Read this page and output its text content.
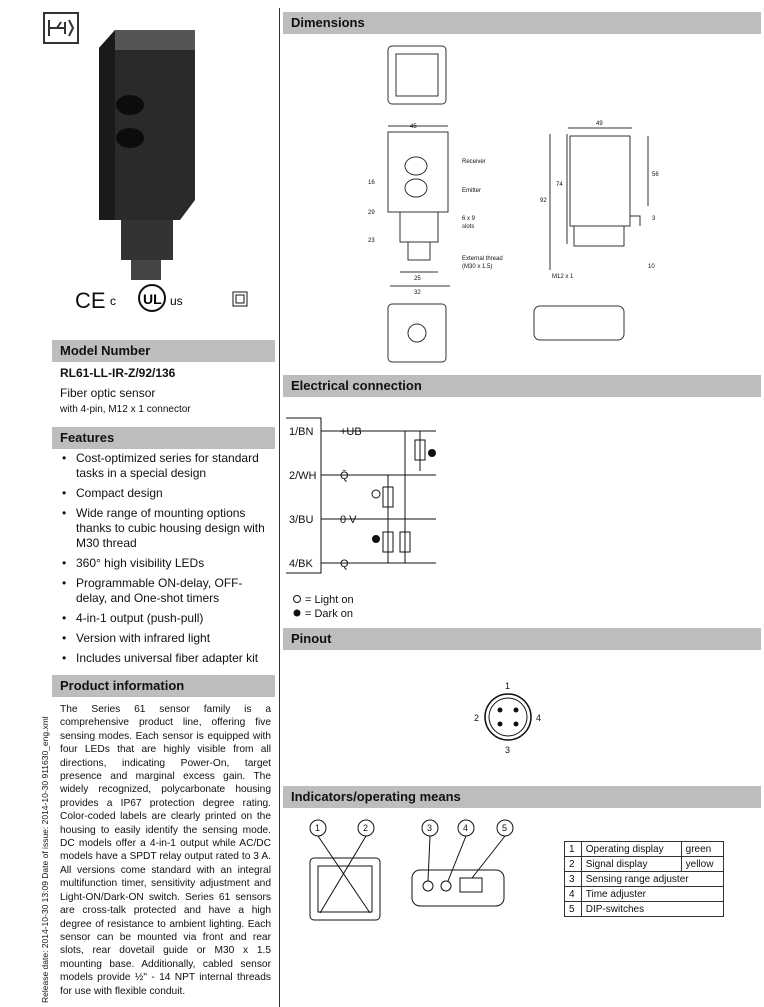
CE c UL us
Model Number
RL61-LL-IR-Z/92/136
Fiber optic sensor
with 4-pin, M12 x 1 connector
Features
• Cost-optimized series for standard tasks in a special design
• Compact design
• Wide range of mounting options thanks to cubic housing design with M30 thread
• 360° high visibility LEDs
• Programmable ON-delay, OFF-delay, and One-shot timers
• 4-in-1 output (push-pull)
• Version with infrared light
• Includes universal fiber adapter kit
Product information
The Series 61 sensor family is a comprehensive product line, offering five sensing modes. Each sensor is equipped with four LEDs that are highly visible from all directions, indicating Power-On, target presence and marginal excess gain. The widely recognized, polycarbonate housing provides a IP67 protection degree rating. Color-coded labels are clearly printed on the housing to easily identify the sensing mode. DC models offer a 4-in-1 output while AC/DC models have a SPDT relay output rated to 3 A. All versions come standard with an integral multifunction timer, sensitivity adjustment and Light-ON/Dark-ON switch. Series 61 sensors are cross-talk protected and have a high degree of resistance to ambient lighting. Each sensor can be mounted via front and rear slots, rear dovetail guide or M30 x 1.5 mounting base. Additionally, cabled sensor models provide ½" - 14 NPT internal threads for use with flexible conduit.
Release date: 2014-10-30 13:09 Date of issue: 2014-10-30 911630_eng.xml
Dimensions
45	49
Receiver
Emitter
16
29
23
6 x 9
slots
External thread
(M30 x 1.5)
25
32
92
74
56
3
10
M12 x 1
Electrical connection
1/BN
2/WH
3/BU
4/BK
+UB
Q̄
0 V
Q
= Light on
= Dark on
Pinout
1
2
3
4
Indicators/operating means
1	2	3	4	5
1	Operating display	green
2	Signal display	yellow
3	Sensing range adjuster	
4	Time adjuster	
5	DIP-switches	
